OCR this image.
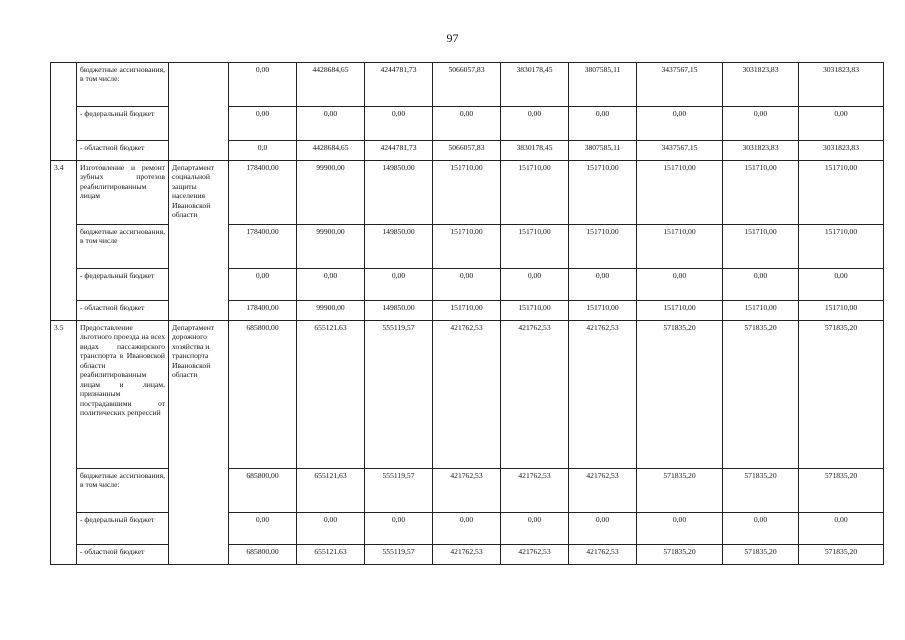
97
	бюджетные ассигнования, в том числе:		0,00	4428684,65	4244781,73	5066057,83	3830178,45	3807585,11	3437567,15	3031823,83	3031823,83
	- федеральный бюджет		0,00	0,00	0,00	0,00	0,00	0,00	0,00	0,00	0,00
	- областной бюджет		0,0	4428684,65	4244781,73	5066057,83	3830178,45	3807585,11	3437567,15	3031823,83	3031823,83
3.4	Изготовление и ремонт зубных протезов реабилитированным лицам	Департамент социальной защиты населения Ивановской области	178400,00	99900,00	149850,00	151710,00	151710,00	151710,00	151710,00	151710,00	151710,00
	бюджетные ассигнования, в том числе		178400,00	99900,00	149850,00	151710,00	151710,00	151710,00	151710,00	151710,00	151710,00
	- федеральный бюджет		0,00	0,00	0,00	0,00	0,00	0,00	0,00	0,00	0,00
	- областной бюджет		178400,00	99900,00	149850,00	151710,00	151710,00	151710,00	151710,00	151710,00	151710,00
3.5	Предоставление льготного проезда на всех видах пассажирского транспорта в Ивановской области реабилитированным лицам и лицам, признанным пострадавшими от политических репрессий	Департамент дорожного хозяйства и транспорта Ивановской области	685800,00	655121,63	555119,57	421762,53	421762,53	421762,53	571835,20	571835,20	571835,20
	бюджетные ассигнования, в том числе:		685800,00	655121,63	555119,57	421762,53	421762,53	421762,53	571835,20	571835,20	571835,20
	- федеральный бюджет		0,00	0,00	0,00	0,00	0,00	0,00	0,00	0,00	0,00
	- областной бюджет		685800,00	655121,63	555119,57	421762,53	421762,53	421762,53	571835,20	571835,20	571835,20
